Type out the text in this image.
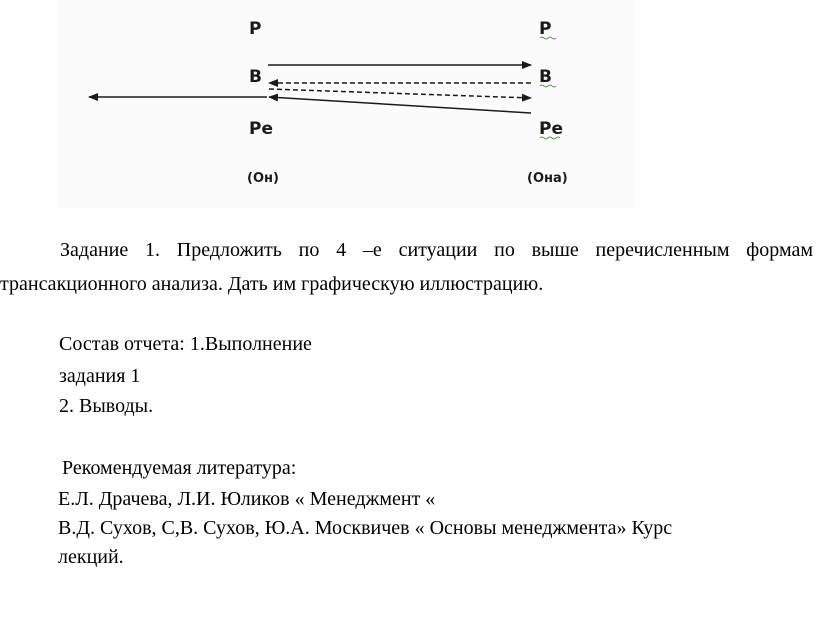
P
B
Pe
(Он)
P
B
Pe
(Она)
Задание 1. Предложить по 4 –е ситуации по выше перечисленным формам
трансакционного анализа. Дать им графическую иллюстрацию.
Состав отчета: 1.Выполнение
задания 1
2. Выводы.
Рекомендуемая литература:
Е.Л. Драчева, Л.И. Юликов « Менеджмент «
В.Д. Сухов, С,В. Сухов, Ю.А. Москвичев « Основы менеджмента» Курс
лекций.
